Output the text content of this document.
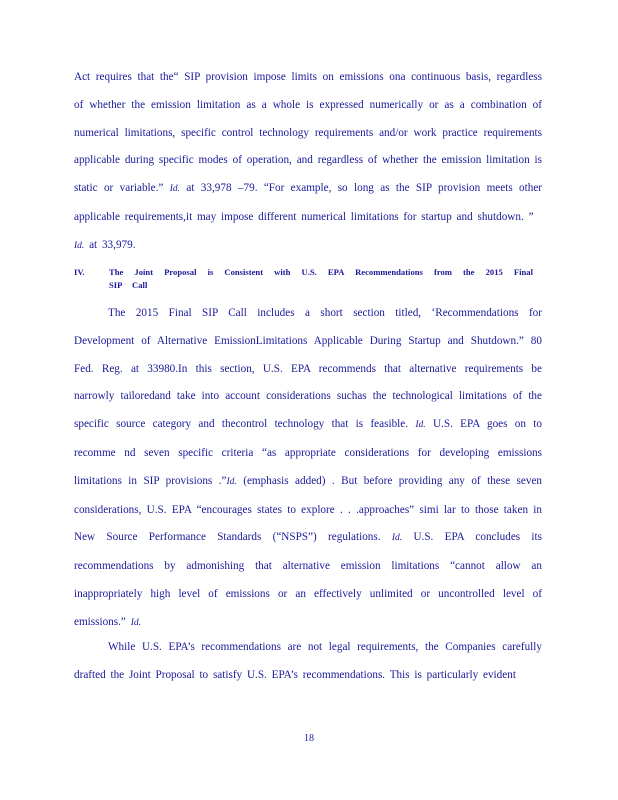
Act requires that the“ SIP provision impose limits on emissions ona continuous basis, regardless of whether the emission limitation as a whole is expressed numerically or as a combination of numerical limitations, specific control technology requirements and/or work practice requirements applicable during specific modes of operation, and regardless of whether the emission limitation is static or variable.” Id. at 33,978 –79. “For example, so long as the SIP provision meets other applicable requirements,it may impose different numerical limitations for startup and shutdown. ”
Id. at 33,979.

IV.	The Joint Proposal is Consistent with U.S. EPA Recommendations from the 2015 Final SIP Call

The 2015 Final SIP Call includes a short section titled, ‘Recommendations for Development of Alternative EmissionLimitations Applicable During Startup and Shutdown.” 80 Fed. Reg. at 33980.In this section, U.S. EPA recommends that alternative requirements be narrowly tailoredand take into account considerations suchas the technological limitations of the specific source category and thecontrol technology that is feasible. Id. U.S. EPA goes on to recomme nd seven specific criteria “as appropriate considerations for developing emissions limitations in SIP provisions .”Id. (emphasis added) . But before providing any of these seven considerations, U.S. EPA “encourages states to explore . . .approaches” simi lar to those taken in New Source Performance Standards (“NSPS”) regulations. Id. U.S. EPA concludes its recommendations by admonishing that alternative emission limitations “cannot allow an inappropriately high level of emissions or an effectively unlimited or uncontrolled level of emissions.” Id.

While U.S. EPA’s recommendations are not legal requirements, the Companies carefully drafted the Joint Proposal to satisfy U.S. EPA’s recommendations. This is particularly evident

18
